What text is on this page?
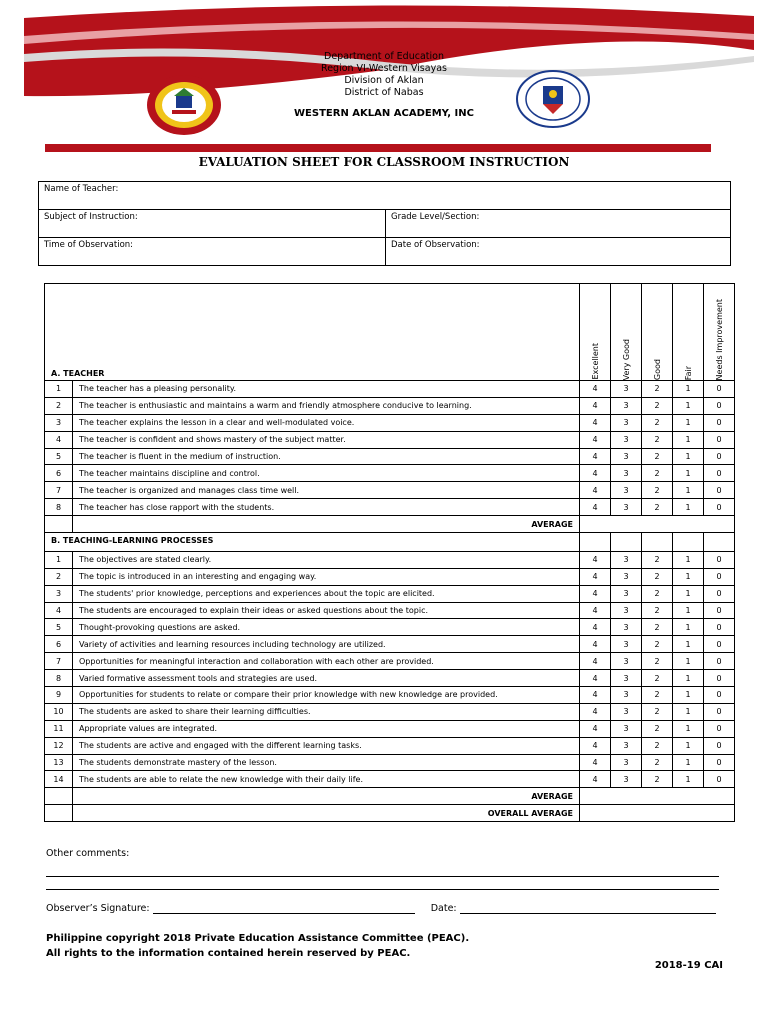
Department of Education
Region VI-Western Visayas
Division of Aklan
District of Nabas
WESTERN AKLAN ACADEMY, INC
EVALUATION SHEET FOR CLASSROOM INSTRUCTION
Name of Teacher:	
Subject of Instruction:	Grade Level/Section:
Time of Observation:	Date of Observation:
A. TEACHER		Excellent	Very Good	Good	Fair	Needs Improvement

1	The teacher has a pleasing personality.	4	3	2	1	0
2	The teacher is enthusiastic and maintains a warm and friendly atmosphere conducive to learning.	4	3	2	1	0
3	The teacher explains the lesson in a clear and well-modulated voice.	4	3	2	1	0
4	The teacher is confident and shows mastery of the subject matter.	4	3	2	1	0
5	The teacher is fluent in the medium of instruction.	4	3	2	1	0
6	The teacher maintains discipline and control.	4	3	2	1	0
7	The teacher is organized and manages class time well.	4	3	2	1	0
8	The teacher has close rapport with the students.	4	3	2	1	0
	AVERAGE					
B. TEACHING-LEARNING PROCESSES						
1	The objectives are stated clearly.	4	3	2	1	0
2	The topic is introduced in an interesting and engaging way.	4	3	2	1	0
3	The students' prior knowledge, perceptions and experiences about the topic are elicited.	4	3	2	1	0
4	The students are encouraged to explain their ideas or asked questions about the topic.	4	3	2	1	0
5	Thought-provoking questions are asked.	4	3	2	1	0
6	Variety of activities and learning resources including technology are utilized.	4	3	2	1	0
7	Opportunities for meaningful interaction and collaboration with each other are provided.	4	3	2	1	0
8	Varied formative assessment tools and strategies are used.	4	3	2	1	0
9	Opportunities for students to relate or compare their prior knowledge with new knowledge are provided.	4	3	2	1	0
10	The students are asked to share their learning difficulties.	4	3	2	1	0
11	Appropriate values are integrated.	4	3	2	1	0
12	The students are active and engaged with the different learning tasks.	4	3	2	1	0
13	The students demonstrate mastery of the lesson.	4	3	2	1	0
14	The students are able to relate the new knowledge with their daily life.	4	3	2	1	0
	AVERAGE					
	OVERALL AVERAGE					
Other comments:
Observer’s Signature:	Date:
Philippine copyright 2018 Private Education Assistance Committee (PEAC).
All rights to the information contained herein reserved by PEAC.
2018-19 CAI
